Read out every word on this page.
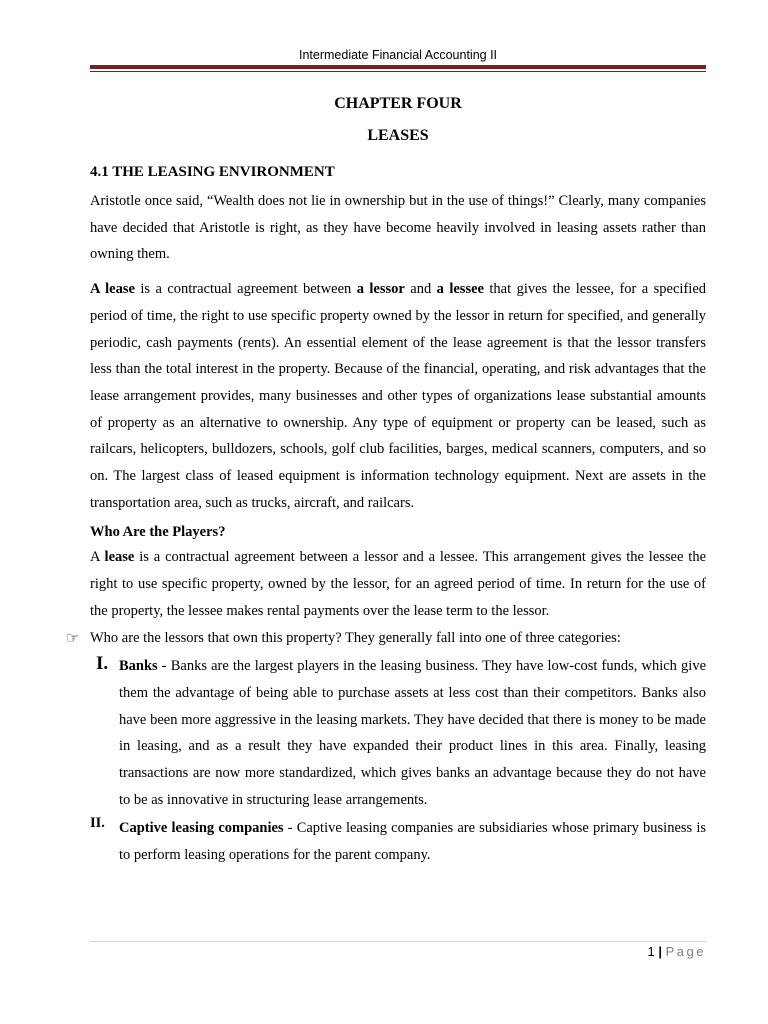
Intermediate Financial Accounting II
CHAPTER FOUR
LEASES
4.1 THE LEASING ENVIRONMENT

Aristotle once said, “Wealth does not lie in ownership but in the use of things!” Clearly, many companies have decided that Aristotle is right, as they have become heavily involved in leasing assets rather than owning them.

A lease is a contractual agreement between a lessor and a lessee that gives the lessee, for a specified period of time, the right to use specific property owned by the lessor in return for specified, and generally periodic, cash payments (rents). An essential element of the lease agreement is that the lessor transfers less than the total interest in the property. Because of the financial, operating, and risk advantages that the lease arrangement provides, many businesses and other types of organizations lease substantial amounts of property as an alternative to ownership. Any type of equipment or property can be leased, such as railcars, helicopters, bulldozers, schools, golf club facilities, barges, medical scanners, computers, and so on. The largest class of leased equipment is information technology equipment. Next are assets in the transportation area, such as trucks, aircraft, and railcars.

Who Are the Players?

A lease is a contractual agreement between a lessor and a lessee. This arrangement gives the lessee the right to use specific property, owned by the lessor, for an agreed period of time. In return for the use of the property, the lessee makes rental payments over the lease term to the lessor.

☞ Who are the lessors that own this property? They generally fall into one of three categories:

I. Banks - Banks are the largest players in the leasing business. They have low-cost funds, which give them the advantage of being able to purchase assets at less cost than their competitors. Banks also have been more aggressive in the leasing markets. They have decided that there is money to be made in leasing, and as a result they have expanded their product lines in this area. Finally, leasing transactions are now more standardized, which gives banks an advantage because they do not have to be as innovative in structuring lease arrangements.

II. Captive leasing companies - Captive leasing companies are subsidiaries whose primary business is to perform leasing operations for the parent company.

1 | Page
